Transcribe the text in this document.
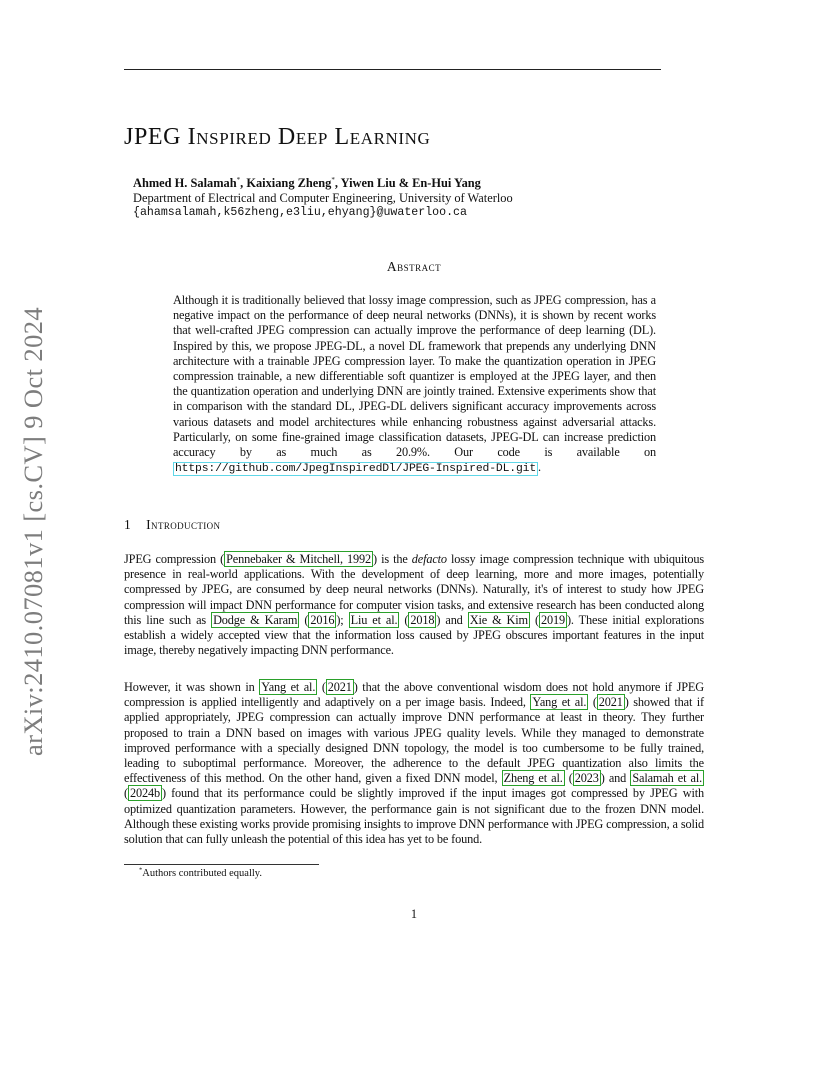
arXiv:2410.07081v1 [cs.CV] 9 Oct 2024
JPEG Inspired Deep Learning
Ahmed H. Salamah*, Kaixiang Zheng*, Yiwen Liu & En-Hui Yang
Department of Electrical and Computer Engineering, University of Waterloo
{ahamsalamah,k56zheng,e3liu,ehyang}@uwaterloo.ca
Abstract

Although it is traditionally believed that lossy image compression, such as JPEG compression, has a negative impact on the performance of deep neural networks (DNNs), it is shown by recent works that well-crafted JPEG compression can actually improve the performance of deep learning (DL). Inspired by this, we propose JPEG-DL, a novel DL framework that prepends any underlying DNN architecture with a trainable JPEG compression layer. To make the quantization operation in JPEG compression trainable, a new differentiable soft quantizer is employed at the JPEG layer, and then the quantization operation and underlying DNN are jointly trained. Extensive experiments show that in comparison with the standard DL, JPEG-DL delivers significant accuracy improvements across various datasets and model architectures while enhancing robustness against adversarial attacks. Particularly, on some fine-grained image classification datasets, JPEG-DL can increase prediction accuracy by as much as 20.9%. Our code is available on https://github.com/JpegInspiredDl/JPEG-Inspired-DL.git .

1 Introduction

JPEG compression ( Pennebaker & Mitchell, 1992 ) is the defacto lossy image compression technique with ubiquitous presence in real-world applications. With the development of deep learning, more and more images, potentially compressed by JPEG, are consumed by deep neural networks (DNNs). Naturally, it's of interest to study how JPEG compression will impact DNN performance for computer vision tasks, and extensive research has been conducted along this line such as Dodge & Karam ( 2016 ); Liu et al. ( 2018 ) and Xie & Kim ( 2019 ). These initial explorations establish a widely accepted view that the information loss caused by JPEG obscures important features in the input image, thereby negatively impacting DNN performance.

However, it was shown in Yang et al. ( 2021 ) that the above conventional wisdom does not hold anymore if JPEG compression is applied intelligently and adaptively on a per image basis. Indeed, Yang et al. ( 2021 ) showed that if applied appropriately, JPEG compression can actually improve DNN performance at least in theory. They further proposed to train a DNN based on images with various JPEG quality levels. While they managed to demonstrate improved performance with a specially designed DNN topology, the model is too cumbersome to be fully trained, leading to suboptimal performance. Moreover, the adherence to the default JPEG quantization also limits the effectiveness of this method. On the other hand, given a fixed DNN model, Zheng et al. ( 2023 ) and Salamah et al. ( 2024b ) found that its performance could be slightly improved if the input images got compressed by JPEG with optimized quantization parameters. However, the performance gain is not significant due to the frozen DNN model. Although these existing works provide promising insights to improve DNN performance with JPEG compression, a solid solution that can fully unleash the potential of this idea has yet to be found.

*Authors contributed equally.
1
